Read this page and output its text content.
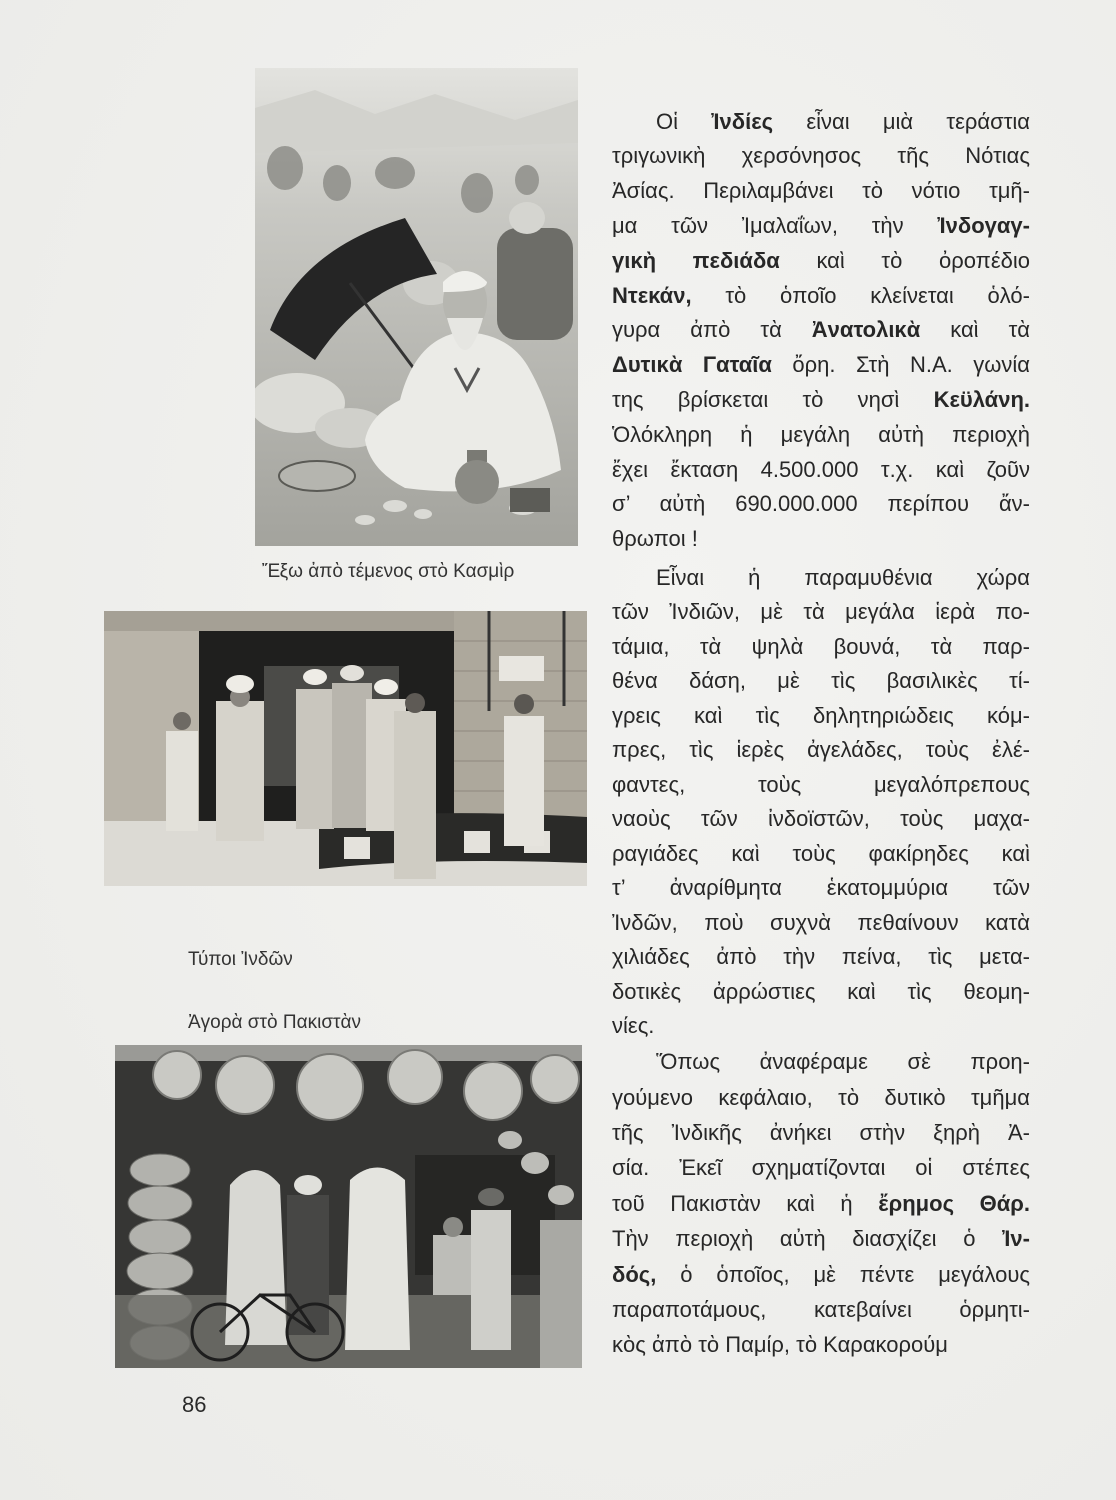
Ἔξω ἀπὸ τέμενος στὸ Κασμὶρ
Τύποι Ἰνδῶν
Ἀγορὰ στὸ Πακιστὰν
Οἱ Ἰνδίες εἶναι μιὰ τεράστια
τριγωνικὴ χερσόνησος τῆς Νότιας
Ἀσίας. Περιλαμβάνει τὸ νότιο τμῆ-
μα τῶν Ἰμαλαΐων, τὴν Ἰνδογαγ-
γικὴ πεδιάδα καὶ τὸ ὀροπέδιο
Ντεκάν, τὸ ὁποῖο κλείνεται ὁλό-
γυρα ἀπὸ τὰ Ἀνατολικὰ καὶ τὰ
Δυτικὰ Γαταῖα ὄρη. Στὴ Ν.Α. γωνία
της βρίσκεται τὸ νησὶ Κεϋλάνη.
Ὁλόκληρη ἡ μεγάλη αὐτὴ περιοχὴ
ἔχει ἔκταση 4.500.000 τ.χ. καὶ ζοῦν
σ’ αὐτὴ 690.000.000 περίπου ἄν-
θρωποι !
Εἶναι ἡ παραμυθένια χώρα
τῶν Ἰνδιῶν, μὲ τὰ μεγάλα ἱερὰ πο-
τάμια, τὰ ψηλὰ βουνά, τὰ παρ-
θένα δάση, μὲ τὶς βασιλικὲς τί-
γρεις καὶ τὶς δηλητηριώδεις κόμ-
πρες, τὶς ἱερὲς ἀγελάδες, τοὺς ἐλέ-
φαντες, τοὺς μεγαλόπρεπους
ναοὺς τῶν ἰνδοϊστῶν, τοὺς μαχα-
ραγιάδες καὶ τοὺς φακίρηδες καὶ
τ’ ἀναρίθμητα ἑκατομμύρια τῶν
Ἰνδῶν, ποὺ συχνὰ πεθαίνουν κατὰ
χιλιάδες ἀπὸ τὴν πείνα, τὶς μετα-
δοτικὲς ἀρρώστιες καὶ τὶς θεομη-
νίες.
Ὅπως ἀναφέραμε σὲ προη-
γούμενο κεφάλαιο, τὸ δυτικὸ τμῆμα
τῆς Ἰνδικῆς ἀνήκει στὴν ξηρὴ Ἀ-
σία. Ἐκεῖ σχηματίζονται οἱ στέπες
τοῦ Πακιστὰν καὶ ἡ ἔρημος Θάρ.
Τὴν περιοχὴ αὐτὴ διασχίζει ὁ Ἰν-
δός, ὁ ὁποῖος, μὲ πέντε μεγάλους
παραποτάμους, κατεβαίνει ὁρμητι-
κὸς ἀπὸ τὸ Παμίρ, τὸ Καρακορούμ
86
